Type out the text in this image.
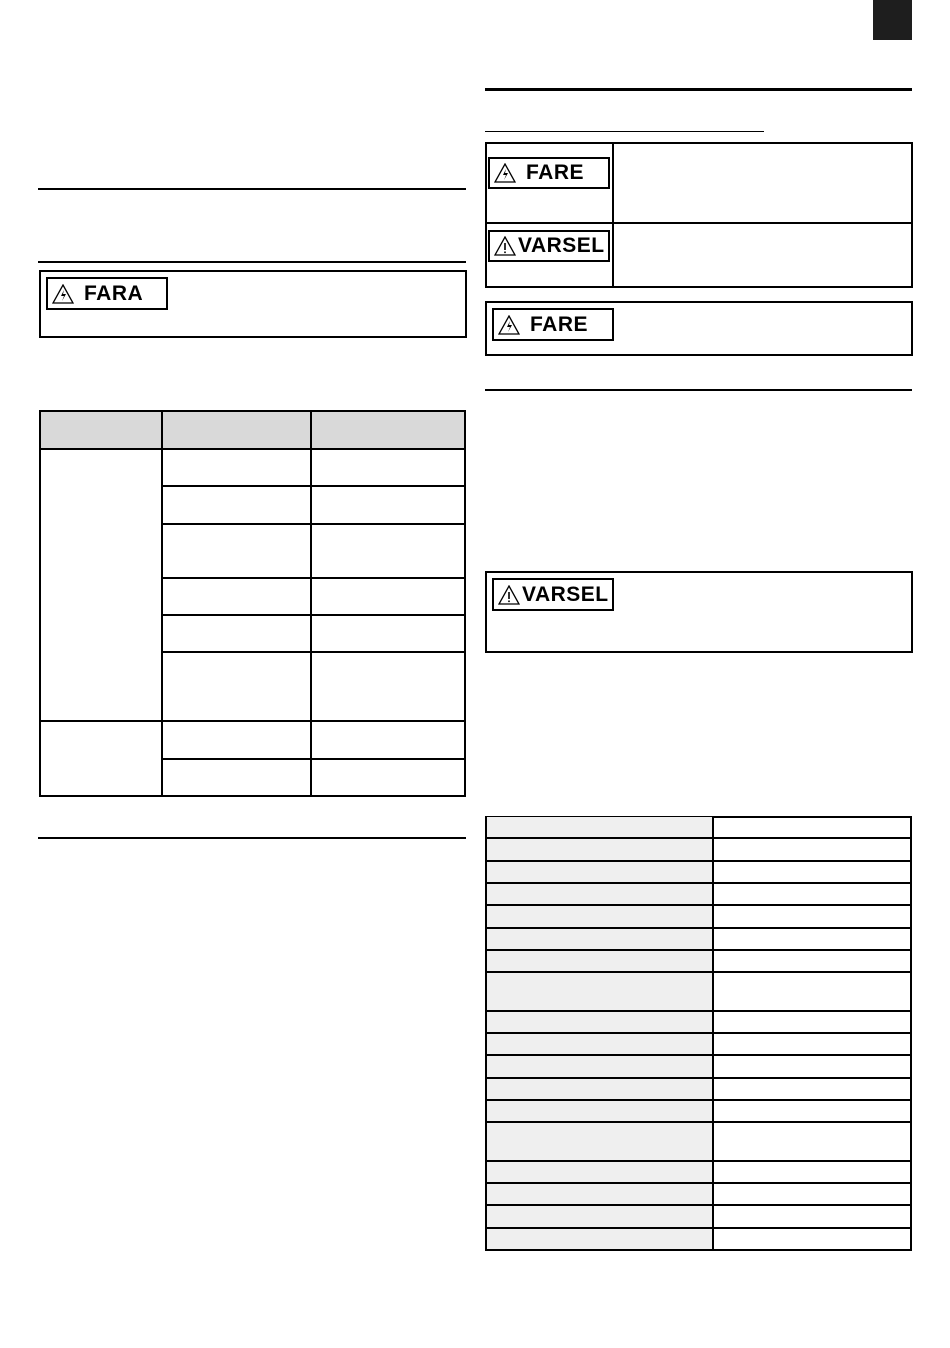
FARA
FARE
VARSEL
FARE
VARSEL
